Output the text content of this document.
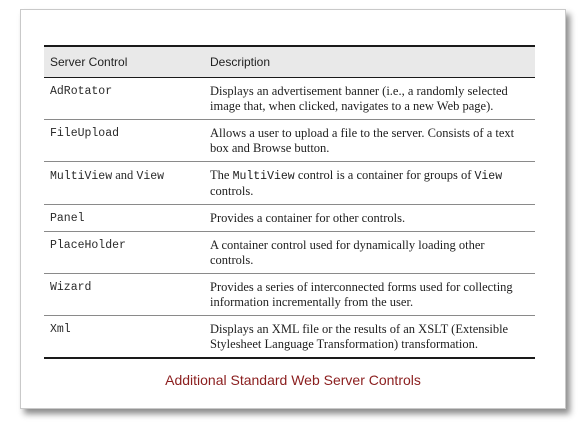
Server Control	Description
AdRotator	Displays an advertisement banner (i.e., a randomly selected image that, when clicked, navigates to a new Web page).
FileUpload	Allows a user to upload a file to the server. Consists of a text box and Browse button.
MultiView and View	The MultiView control is a container for groups of View controls.
Panel	Provides a container for other controls.
PlaceHolder	A container control used for dynamically loading other controls.
Wizard	Provides a series of interconnected forms used for collecting information incrementally from the user.
Xml	Displays an XML file or the results of an XSLT (Extensible Stylesheet Language Transformation) transformation.
Additional Standard Web Server Controls
